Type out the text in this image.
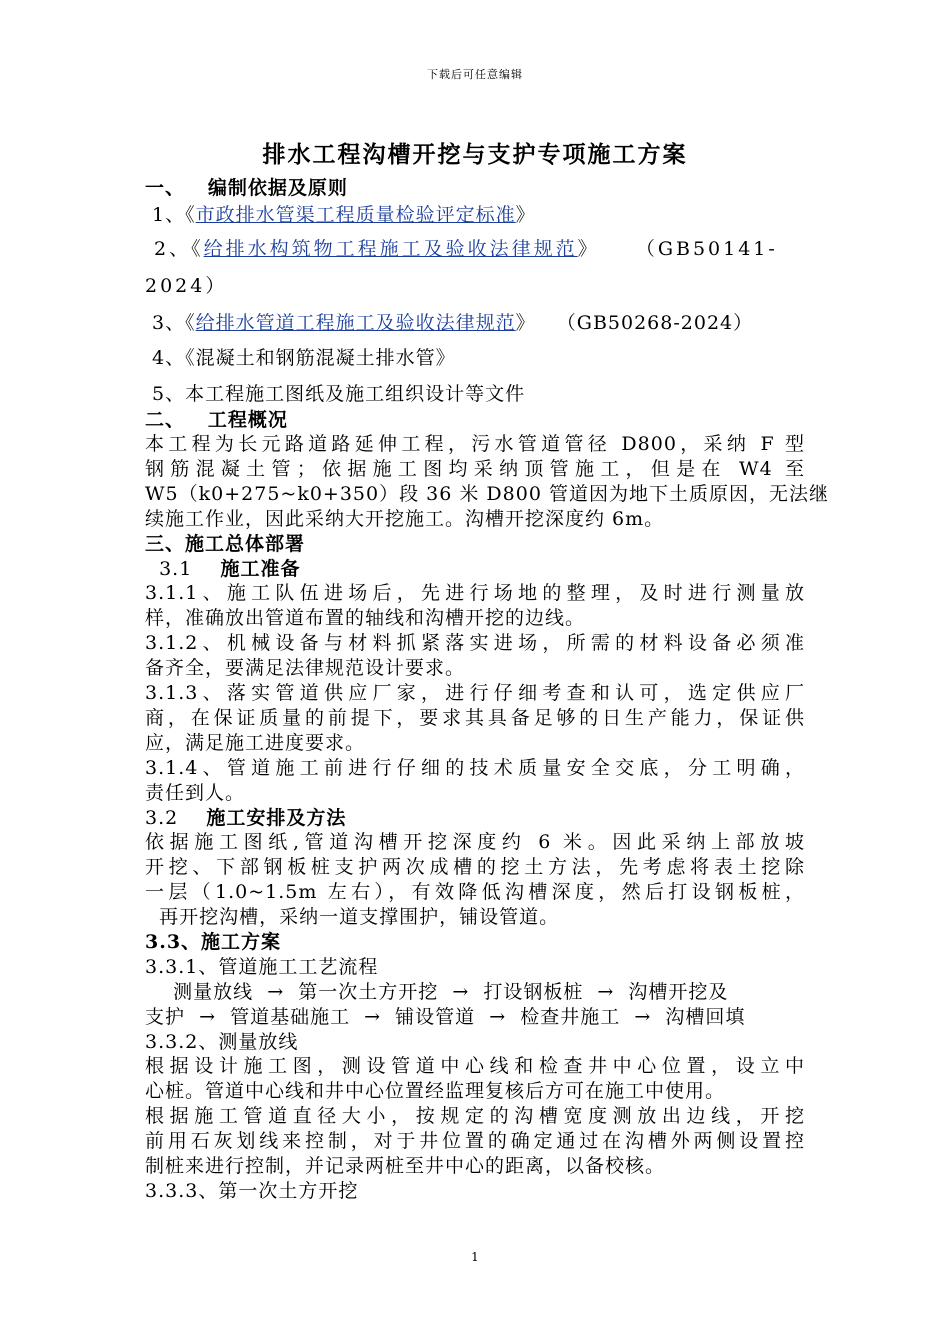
下载后可任意编辑
排水工程沟槽开挖与支护专项施工方案
一、   编制依据及原则
1、《市政排水管渠工程质量检验评定标准》
2、《给排水构筑物工程施工及验收法律规范》    （GB50141-
2024）
3、《给排水管道工程施工及验收法律规范》   （GB50268-2024）
4、《混凝土和钢筋混凝土排水管》
5、本工程施工图纸及施工组织设计等文件
二、   工程概况
本工程为长元路道路延伸工程，污水管道管径 D800，采纳 F 型
钢筋混凝土管；依据施工图均采纳顶管施工，但是在 W4 至
W5（k0+275~k0+350）段 36 米 D800 管道因为地下土质原因，无法继
续施工作业，因此采纳大开挖施工。沟槽开挖深度约 6m。
三、施工总体部署
3.1    施工准备
3.1.1、施工队伍进场后，先进行场地的整理，及时进行测量放
样，准确放出管道布置的轴线和沟槽开挖的边线。
3.1.2、机械设备与材料抓紧落实进场，所需的材料设备必须准
备齐全，要满足法律规范设计要求。
3.1.3、落实管道供应厂家，进行仔细考查和认可，选定供应厂
商，在保证质量的前提下，要求其具备足够的日生产能力，保证供
应，满足施工进度要求。
3.1.4、管道施工前进行仔细的技术质量安全交底，分工明确，
责任到人。
3.2    施工安排及方法
依据施工图纸,管道沟槽开挖深度约 6 米。因此采纳上部放坡
开挖、下部钢板桩支护两次成槽的挖土方法，先考虑将表土挖除
一层（1.0~1.5m 左右），有效降低沟槽深度，然后打设钢板桩，
再开挖沟槽，采纳一道支撑围护，铺设管道。
3.3、施工方案
3.3.1、管道施工工艺流程
测量放线  →  第一次土方开挖  →  打设钢板桩  →  沟槽开挖及
支护  →  管道基础施工  →  铺设管道  →  检查井施工  →  沟槽回填
3.3.2、测量放线
根据设计施工图，测设管道中心线和检查井中心位置，设立中
心桩。管道中心线和井中心位置经监理复核后方可在施工中使用。
根据施工管道直径大小，按规定的沟槽宽度测放出边线，开挖
前用石灰划线来控制，对于井位置的确定通过在沟槽外两侧设置控
制桩来进行控制，并记录两桩至井中心的距离，以备校核。
3.3.3、第一次土方开挖
1
